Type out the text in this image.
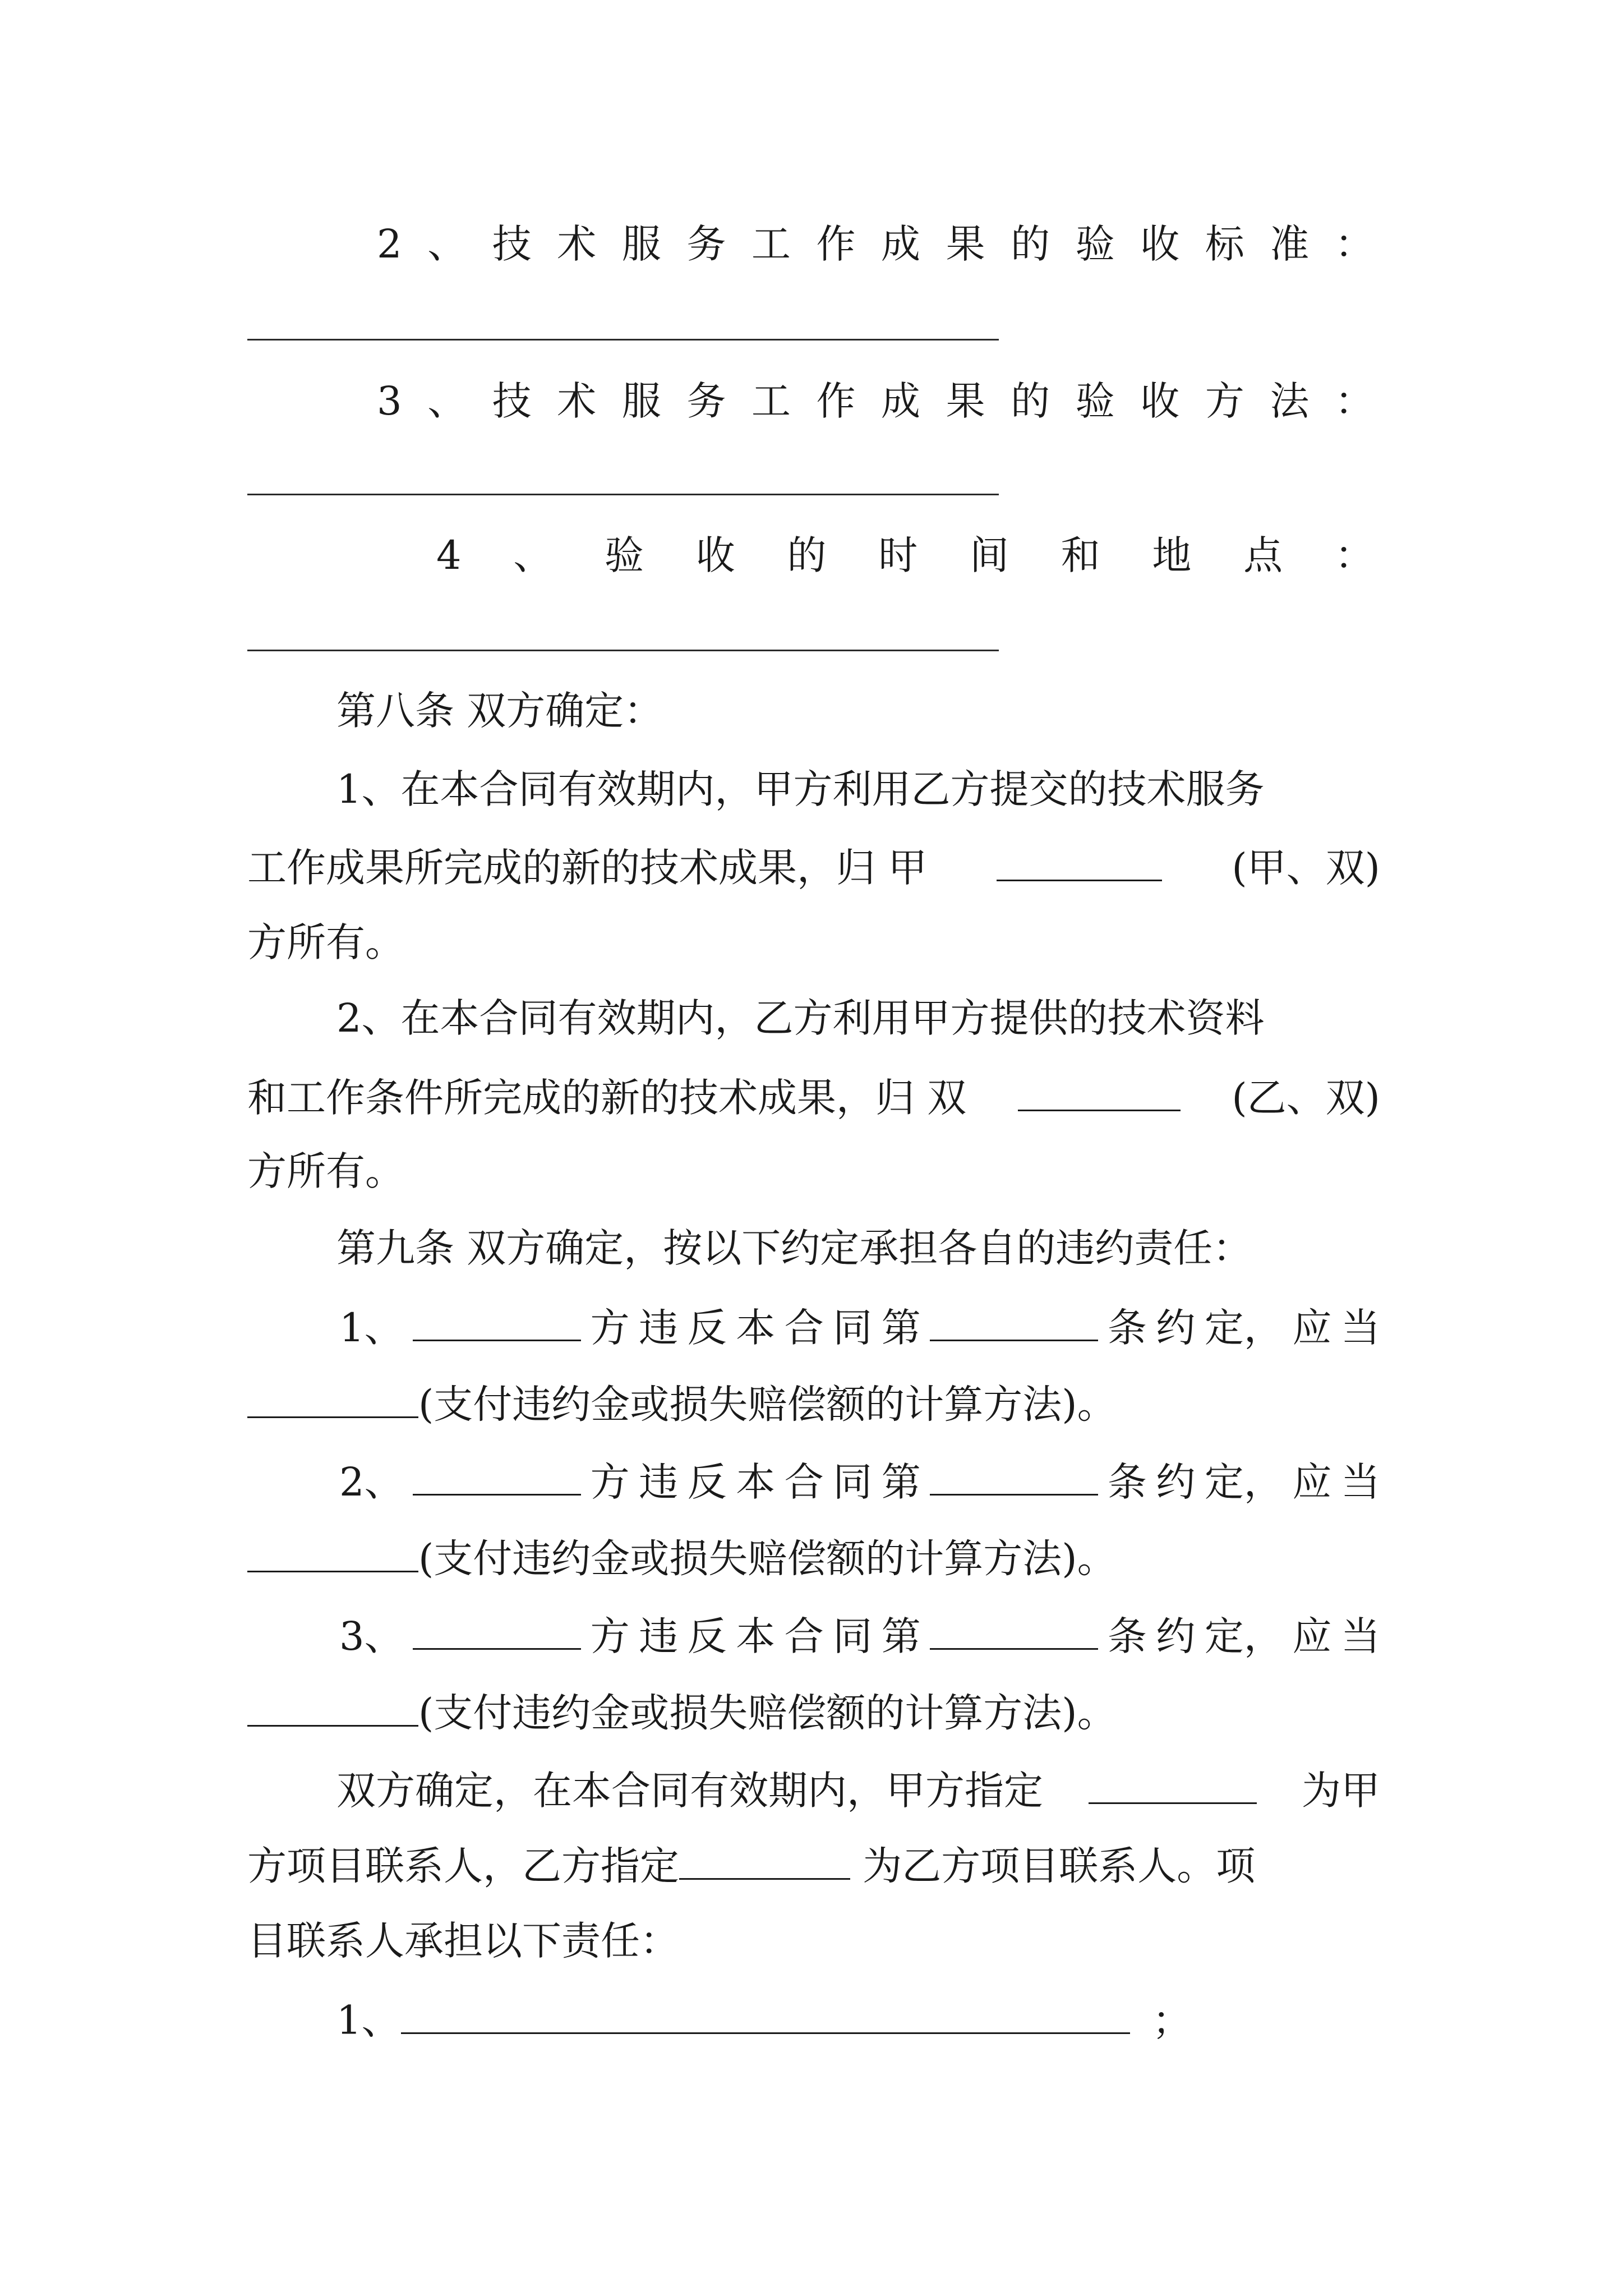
2 、 技 术 服 务 工 作 成 果 的 验 收 标 准 ：
3 、 技 术 服 务 工 作 成 果 的 验 收 方 法 ：
4 、 验 收 的 时 间 和 地 点 ：
第八条 双方确定：
1、在本合同有效期内，甲方利用乙方提交的技术服务
工作成果所完成的新的技术成果，归 甲	(甲、双)
方所有。
2、在本合同有效期内，乙方利用甲方提供的技术资料
和工作条件所完成的新的技术成果，归 双	(乙、双)
方所有。
第九条 双方确定，按以下约定承担各自的违约责任：
1、	方 违 反 本 合 同 第	条 约 定， 应 当
(支付违约金或损失赔偿额的计算方法)。
2、	方 违 反 本 合 同 第	条 约 定， 应 当
(支付违约金或损失赔偿额的计算方法)。
3、	方 违 反 本 合 同 第	条 约 定， 应 当
(支付违约金或损失赔偿额的计算方法)。
双方确定，在本合同有效期内，甲方指定	为甲
方项目联系人，乙方指定	为乙方项目联系人。项
目联系人承担以下责任：
1、	；
